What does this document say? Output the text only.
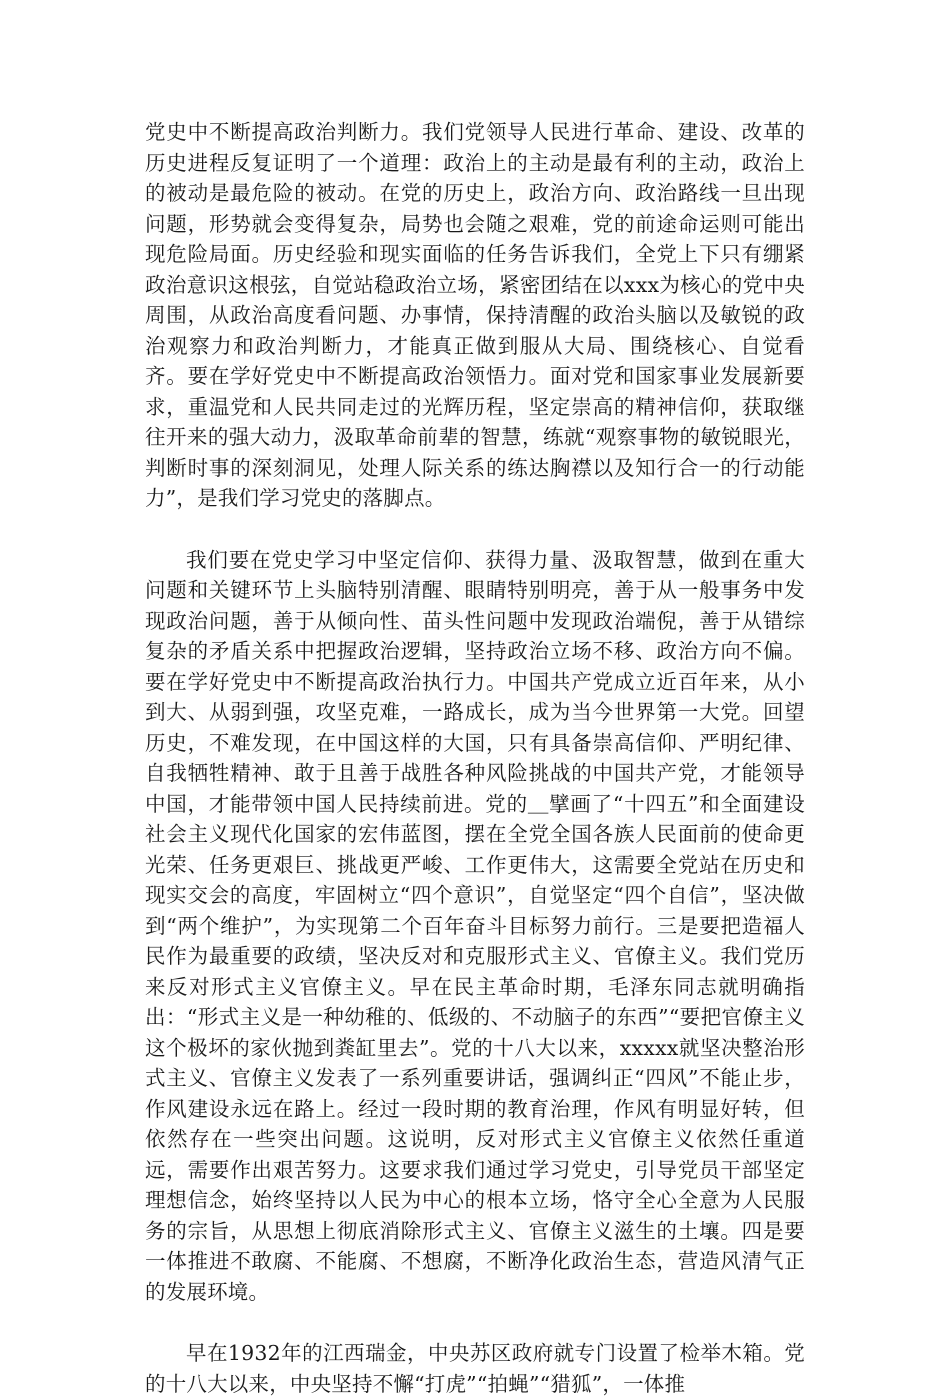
党史中不断提高政治判断力。我们党领导人民进行革命、建设、改革的历史进程反复证明了一个道理：政治上的主动是最有利的主动，政治上的被动是最危险的被动。在党的历史上，政治方向、政治路线一旦出现问题，形势就会变得复杂，局势也会随之艰难，党的前途命运则可能出现危险局面。历史经验和现实面临的任务告诉我们，全党上下只有绷紧政治意识这根弦，自觉站稳政治立场，紧密团结在以xxx为核心的党中央周围，从政治高度看问题、办事情，保持清醒的政治头脑以及敏锐的政治观察力和政治判断力，才能真正做到服从大局、围绕核心、自觉看齐。要在学好党史中不断提高政治领悟力。面对党和国家事业发展新要求，重温党和人民共同走过的光辉历程，坚定崇高的精神信仰，获取继往开来的强大动力，汲取革命前辈的智慧，练就“观察事物的敏锐眼光，判断时事的深刻洞见，处理人际关系的练达胸襟以及知行合一的行动能力”，是我们学习党史的落脚点。

我们要在党史学习中坚定信仰、获得力量、汲取智慧，做到在重大问题和关键环节上头脑特别清醒、眼睛特别明亮，善于从一般事务中发现政治问题，善于从倾向性、苗头性问题中发现政治端倪，善于从错综复杂的矛盾关系中把握政治逻辑，坚持政治立场不移、政治方向不偏。要在学好党史中不断提高政治执行力。中国共产党成立近百年来，从小到大、从弱到强，攻坚克难，一路成长，成为当今世界第一大党。回望历史，不难发现，在中国这样的大国，只有具备崇高信仰、严明纪律、自我牺牲精神、敢于且善于战胜各种风险挑战的中国共产党，才能领导中国，才能带领中国人民持续前进。党的＿擘画了“十四五”和全面建设社会主义现代化国家的宏伟蓝图，摆在全党全国各族人民面前的使命更光荣、任务更艰巨、挑战更严峻、工作更伟大，这需要全党站在历史和现实交会的高度，牢固树立“四个意识”，自觉坚定“四个自信”，坚决做到“两个维护”，为实现第二个百年奋斗目标努力前行。三是要把造福人民作为最重要的政绩，坚决反对和克服形式主义、官僚主义。我们党历来反对形式主义官僚主义。早在民主革命时期，毛泽东同志就明确指出：“形式主义是一种幼稚的、低级的、不动脑子的东西”“要把官僚主义这个极坏的家伙抛到粪缸里去”。党的十八大以来，xxxxx就坚决整治形式主义、官僚主义发表了一系列重要讲话，强调纠正“四风”不能止步，作风建设永远在路上。经过一段时期的教育治理，作风有明显好转，但依然存在一些突出问题。这说明，反对形式主义官僚主义依然任重道远，需要作出艰苦努力。这要求我们通过学习党史，引导党员干部坚定理想信念，始终坚持以人民为中心的根本立场，恪守全心全意为人民服务的宗旨，从思想上彻底消除形式主义、官僚主义滋生的土壤。四是要一体推进不敢腐、不能腐、不想腐，不断净化政治生态，营造风清气正的发展环境。

早在1932年的江西瑞金，中央苏区政府就专门设置了检举木箱。党的十八大以来，中央坚持不懈“打虎”“拍蝇”“猎狐”，一体推
